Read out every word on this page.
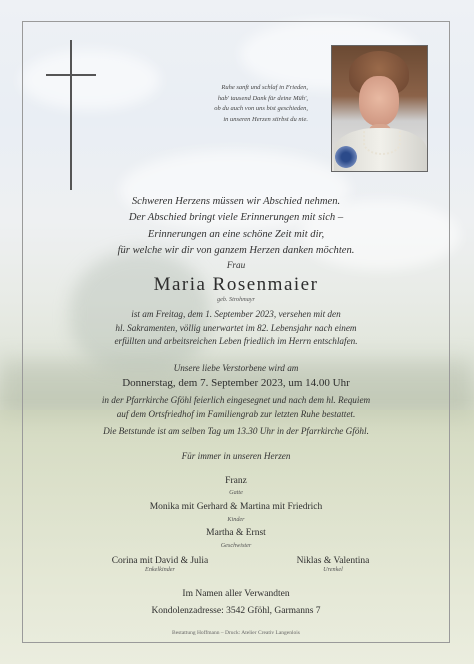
Ruhe sanft und schlaf in Frieden,
hab' tausend Dank für deine Müh',
ob du auch von uns bist geschieden,
in unseren Herzen stirbst du nie.
Schweren Herzens müssen wir Abschied nehmen.
Der Abschied bringt viele Erinnerungen mit sich –
Erinnerungen an eine schöne Zeit mit dir,
für welche wir dir von ganzem Herzen danken möchten.
Frau
Maria Rosenmaier
geb. Strohmayr
ist am Freitag, dem 1. September 2023, versehen mit den
hl. Sakramenten, völlig unerwartet im 82. Lebensjahr nach einem
erfüllten und arbeitsreichen Leben friedlich im Herrn entschlafen.
Unsere liebe Verstorbene wird am
Donnerstag, dem 7. September 2023, um 14.00 Uhr
in der Pfarrkirche Gföhl feierlich eingesegnet und nach dem hl. Requiem
auf dem Ortsfriedhof im Familiengrab zur letzten Ruhe bestattet.
Die Betstunde ist am selben Tag um 13.30 Uhr in der Pfarrkirche Gföhl.
Für immer in unseren Herzen
Franz
Gatte
Monika mit Gerhard & Martina mit Friedrich
Kinder
Martha & Ernst
Geschwister
Corina mit David & Julia
Enkelkinder
Niklas & Valentina
Urenkel
Im Namen aller Verwandten
Kondolenzadresse: 3542 Gföhl, Garmanns 7
Bestattung Hoffmann – Druck: Atelier Creativ Langenlois
